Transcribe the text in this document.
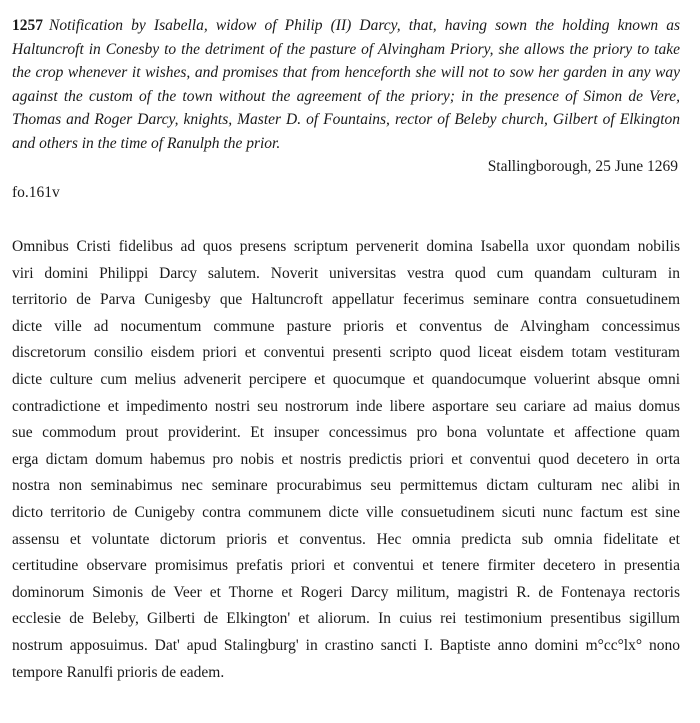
1257 Notification by Isabella, widow of Philip (II) Darcy, that, having sown the holding known as Haltuncroft in Conesby to the detriment of the pasture of Alvingham Priory, she allows the priory to take the crop whenever it wishes, and promises that from henceforth she will not to sow her garden in any way against the custom of the town without the agreement of the priory; in the presence of Simon de Vere, Thomas and Roger Darcy, knights, Master D. of Fountains, rector of Beleby church, Gilbert of Elkington and others in the time of Ranulph the prior.

Stallingborough, 25 June 1269

fo.161v

Omnibus Cristi fidelibus ad quos presens scriptum pervenerit domina Isabella uxor quondam nobilis
viri domini Philippi Darcy salutem. Noverit universitas vestra quod cum quandam culturam in
territorio de Parva Cunigesby que Haltuncroft appellatur fecerimus seminare contra consuetudinem
dicte ville ad nocumentum commune pasture prioris et conventus de Alvingham concessimus
discretorum consilio eisdem priori et conventui presenti scripto quod liceat eisdem totam vestituram
dicte culture cum melius advenerit percipere et quocumque et quandocumque voluerint absque omni
contradictione et impedimento nostri seu nostrorum inde libere asportare seu cariare ad maius domus
sue commodum prout providerint. Et insuper concessimus pro bona voluntate et affectione quam
erga dictam domum habemus pro nobis et nostris predictis priori et conventui quod decetero in orta
nostra non seminabimus nec seminare procurabimus seu permittemus dictam culturam nec alibi in
dicto territorio de Cunigeby contra communem dicte ville consuetudinem sicuti nunc factum est sine
assensu et voluntate dictorum prioris et conventus. Hec omnia predicta sub omnia fidelitate et
certitudine observare promisimus prefatis priori et conventui et tenere firmiter decetero in presentia
dominorum Simonis de Veer et Thorne et Rogeri Darcy militum, magistri R. de Fontenaya rectoris
ecclesie de Beleby, Gilberti de Elkington' et aliorum. In cuius rei testimonium presentibus sigillum
nostrum apposuimus. Dat' apud Stalingburg' in crastino sancti I. Baptiste anno domini m°cc°lx° nono
tempore Ranulfi prioris de eadem.
